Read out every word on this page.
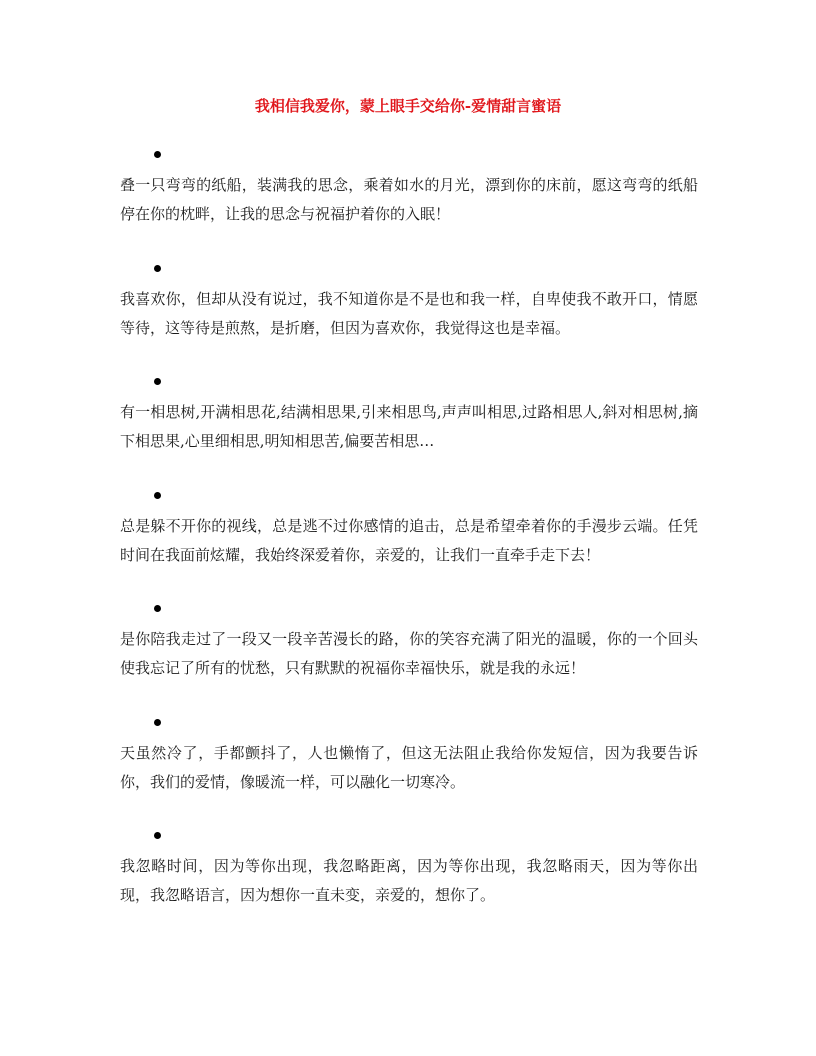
我相信我爱你，蒙上眼手交给你-爱情甜言蜜语
叠一只弯弯的纸船，装满我的思念，乘着如水的月光，漂到你的床前，愿这弯弯的纸船停在你的枕畔，让我的思念与祝福护着你的入眠！
我喜欢你，但却从没有说过，我不知道你是不是也和我一样，自卑使我不敢开口，情愿等待，这等待是煎熬，是折磨，但因为喜欢你，我觉得这也是幸福。
有一相思树,开满相思花,结满相思果,引来相思鸟,声声叫相思,过路相思人,斜对相思树,摘下相思果,心里细相思,明知相思苦,偏要苦相思…
总是躲不开你的视线，总是逃不过你感情的追击，总是希望牵着你的手漫步云端。任凭时间在我面前炫耀，我始终深爱着你，亲爱的，让我们一直牵手走下去！
是你陪我走过了一段又一段辛苦漫长的路，你的笑容充满了阳光的温暖，你的一个回头使我忘记了所有的忧愁，只有默默的祝福你幸福快乐，就是我的永远！
天虽然冷了，手都颤抖了，人也懒惰了，但这无法阻止我给你发短信，因为我要告诉你，我们的爱情，像暖流一样，可以融化一切寒冷。
我忽略时间，因为等你出现，我忽略距离，因为等你出现，我忽略雨天，因为等你出现，我忽略语言，因为想你一直未变，亲爱的，想你了。
